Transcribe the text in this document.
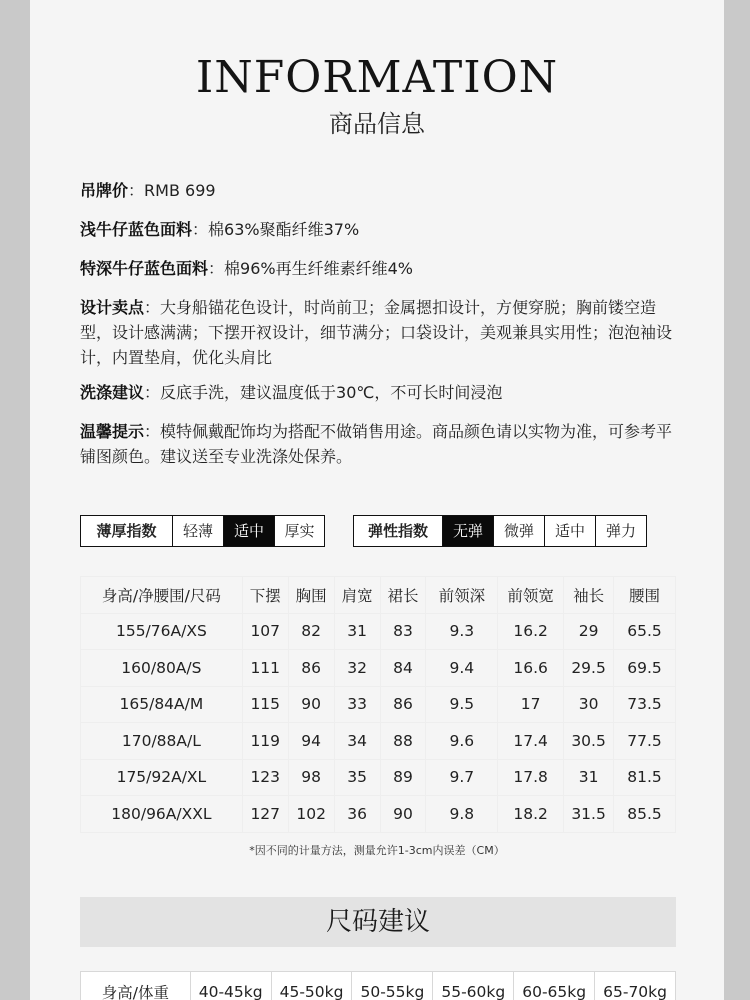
INFORMATION
商品信息
吊牌价：RMB 699
浅牛仔蓝色面料：棉63%聚酯纤维37%
特深牛仔蓝色面料：棉96%再生纤维素纤维4%
设计卖点：大身船锚花色设计，时尚前卫；金属摁扣设计，方便穿脱；胸前镂空造型，设计感满满；下摆开衩设计，细节满分；口袋设计，美观兼具实用性；泡泡袖设计，内置垫肩，优化头肩比
洗涤建议：反底手洗，建议温度低于30℃，不可长时间浸泡
温馨提示：模特佩戴配饰均为搭配不做销售用途。商品颜色请以实物为准，可参考平铺图颜色。建议送至专业洗涤处保养。
薄厚指数	轻薄	适中	厚实	弹性指数	无弹	微弹	适中	弹力
身高/净腰围/尺码	下摆	胸围	肩宽	裙长	前领深	前领宽	袖长	腰围
155/76A/XS	107	82	31	83	9.3	16.2	29	65.5
160/80A/S	111	86	32	84	9.4	16.6	29.5	69.5
165/84A/M	115	90	33	86	9.5	17	30	73.5
170/88A/L	119	94	34	88	9.6	17.4	30.5	77.5
175/92A/XL	123	98	35	89	9.7	17.8	31	81.5
180/96A/XXL	127	102	36	90	9.8	18.2	31.5	85.5
*因不同的计量方法，测量允许1-3cm内误差（CM）
尺码建议
身高/体重	40-45kg	45-50kg	50-55kg	55-60kg	60-65kg	65-70kg
